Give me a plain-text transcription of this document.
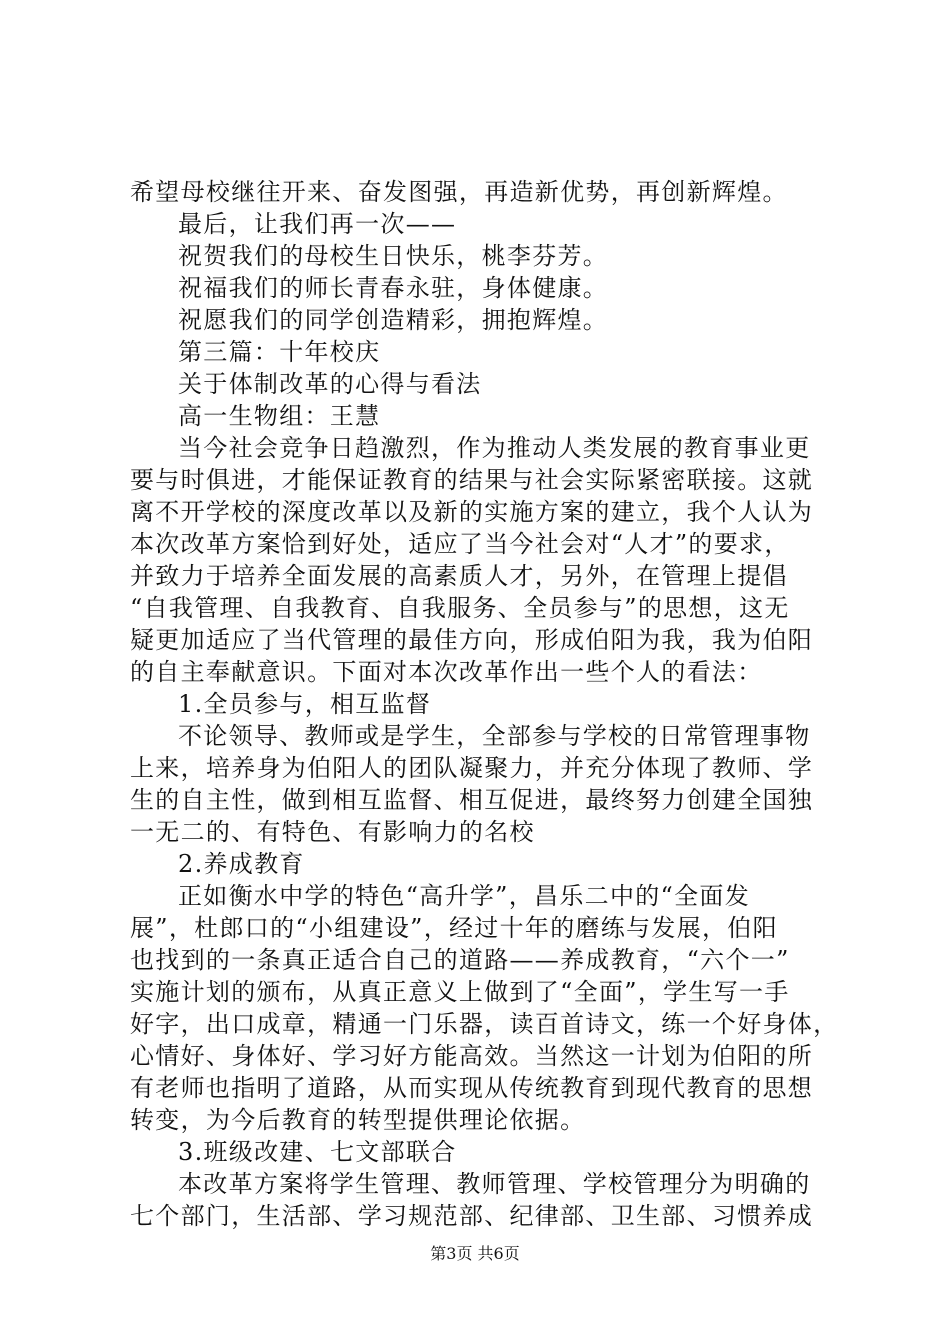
希望母校继往开来、奋发图强，再造新优势，再创新辉煌。
最后，让我们再一次——
祝贺我们的母校生日快乐，桃李芬芳。
祝福我们的师长青春永驻，身体健康。
祝愿我们的同学创造精彩，拥抱辉煌。
第三篇：十年校庆
关于体制改革的心得与看法
高一生物组：王慧
当今社会竞争日趋激烈，作为推动人类发展的教育事业更
要与时俱进，才能保证教育的结果与社会实际紧密联接。这就
离不开学校的深度改革以及新的实施方案的建立，我个人认为
本次改革方案恰到好处，适应了当今社会对“人才”的要求，
并致力于培养全面发展的高素质人才，另外，在管理上提倡
“自我管理、自我教育、自我服务、全员参与”的思想，这无
疑更加适应了当代管理的最佳方向，形成伯阳为我，我为伯阳
的自主奉献意识。下面对本次改革作出一些个人的看法：
1.全员参与，相互监督
不论领导、教师或是学生，全部参与学校的日常管理事物
上来，培养身为伯阳人的团队凝聚力，并充分体现了教师、学
生的自主性，做到相互监督、相互促进，最终努力创建全国独
一无二的、有特色、有影响力的名校
2.养成教育
正如衡水中学的特色“高升学”，昌乐二中的“全面发
展”，杜郎口的“小组建设”，经过十年的磨练与发展，伯阳
也找到的一条真正适合自己的道路——养成教育，“六个一”
实施计划的颁布，从真正意义上做到了“全面”，学生写一手
好字，出口成章，精通一门乐器，读百首诗文，练一个好身体，
心情好、身体好、学习好方能高效。当然这一计划为伯阳的所
有老师也指明了道路，从而实现从传统教育到现代教育的思想
转变，为今后教育的转型提供理论依据。
3.班级改建、七文部联合
本改革方案将学生管理、教师管理、学校管理分为明确的
七个部门，生活部、学习规范部、纪律部、卫生部、习惯养成
第3页 共6页
